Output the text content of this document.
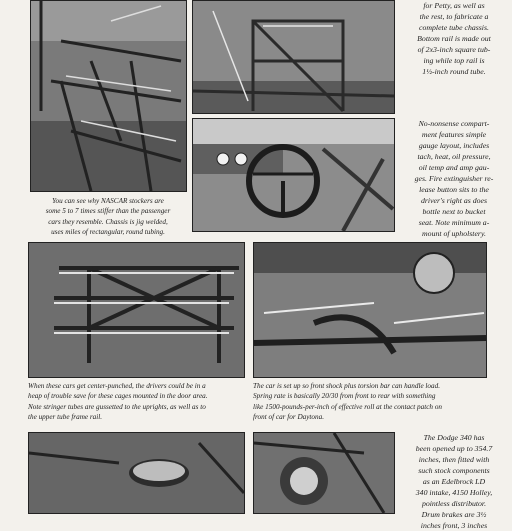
for Petty, as well as
the rest, to fabricate a
complete tube chassis.
Bottom rail is made out
of 2x3-inch square tub-
ing while top rail is
1½-inch round tube.

No-nonsense compart-
ment features simple
gauge layout, includes
tach, heat, oil pressure,
oil temp and amp gau-
ges. Fire extinguisher re-
lease button sits to the
driver's right as does
bottle next to bucket
seat. Note minimum a-
mount of upholstery.

You can see why NASCAR stockers are
some 5 to 7 times stiffer than the passenger
cars they resemble. Chassis is jig welded,
uses miles of rectangular, round tubing.

When these cars get center-punched, the drivers could be in a
heap of trouble save for these cages mounted in the door area.
Note stringer tubes are gussetted to the uprights, as well as to
the upper tube frame rail.

The car is set up so front shock plus torsion bar can handle load.
Spring rate is basically 20/30 from front to rear with something
like 1500-pounds-per-inch of effective roll at the contact patch on
front of car for Daytona.

The Dodge 340 has
been opened up to 354.7
inches, then fitted with
such stock components
as an Edelbrock LD
340 intake, 4150 Holley,
pointless distributor.
Drum brakes are 3½
inches front, 3 inches
